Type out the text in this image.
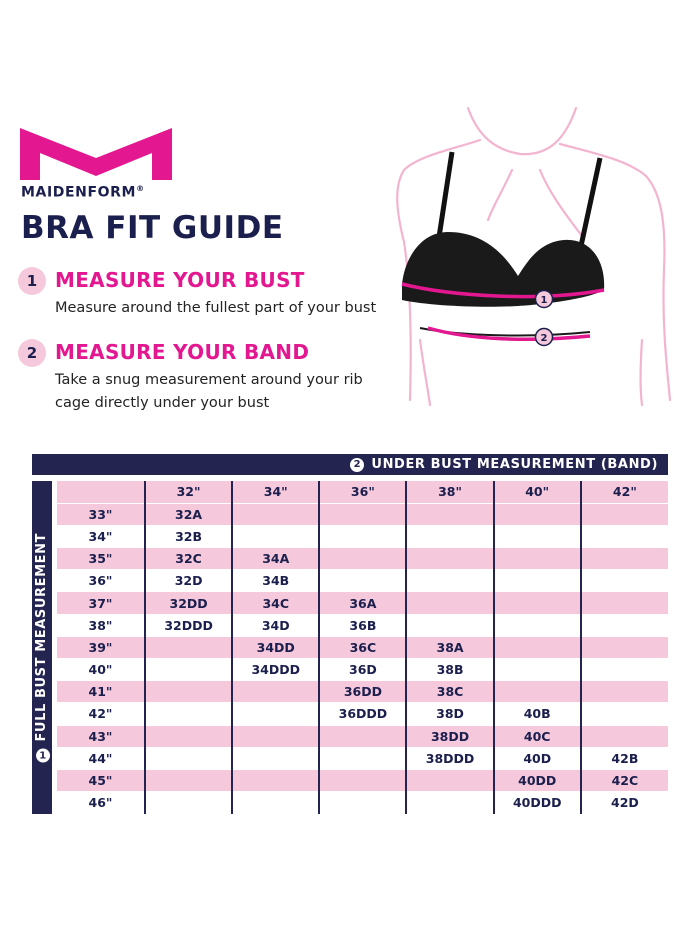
MAIDENFORM®
BRA FIT GUIDE
1 MEASURE YOUR BUST
Measure around the fullest part of your bust
2 MEASURE YOUR BAND
Take a snug measurement around your rib cage directly under your bust
1
2
2 UNDER BUST MEASUREMENT (BAND)
1FULL BUST MEASUREMENT
	32"	34"	36"	38"	40"	42"
33"	32A					
34"	32B					
35"	32C	34A				
36"	32D	34B				
37"	32DD	34C	36A			
38"	32DDD	34D	36B			
39"		34DD	36C	38A		
40"		34DDD	36D	38B		
41"			36DD	38C		
42"			36DDD	38D	40B	
43"				38DD	40C	
44"				38DDD	40D	42B
45"					40DD	42C
46"					40DDD	42D
